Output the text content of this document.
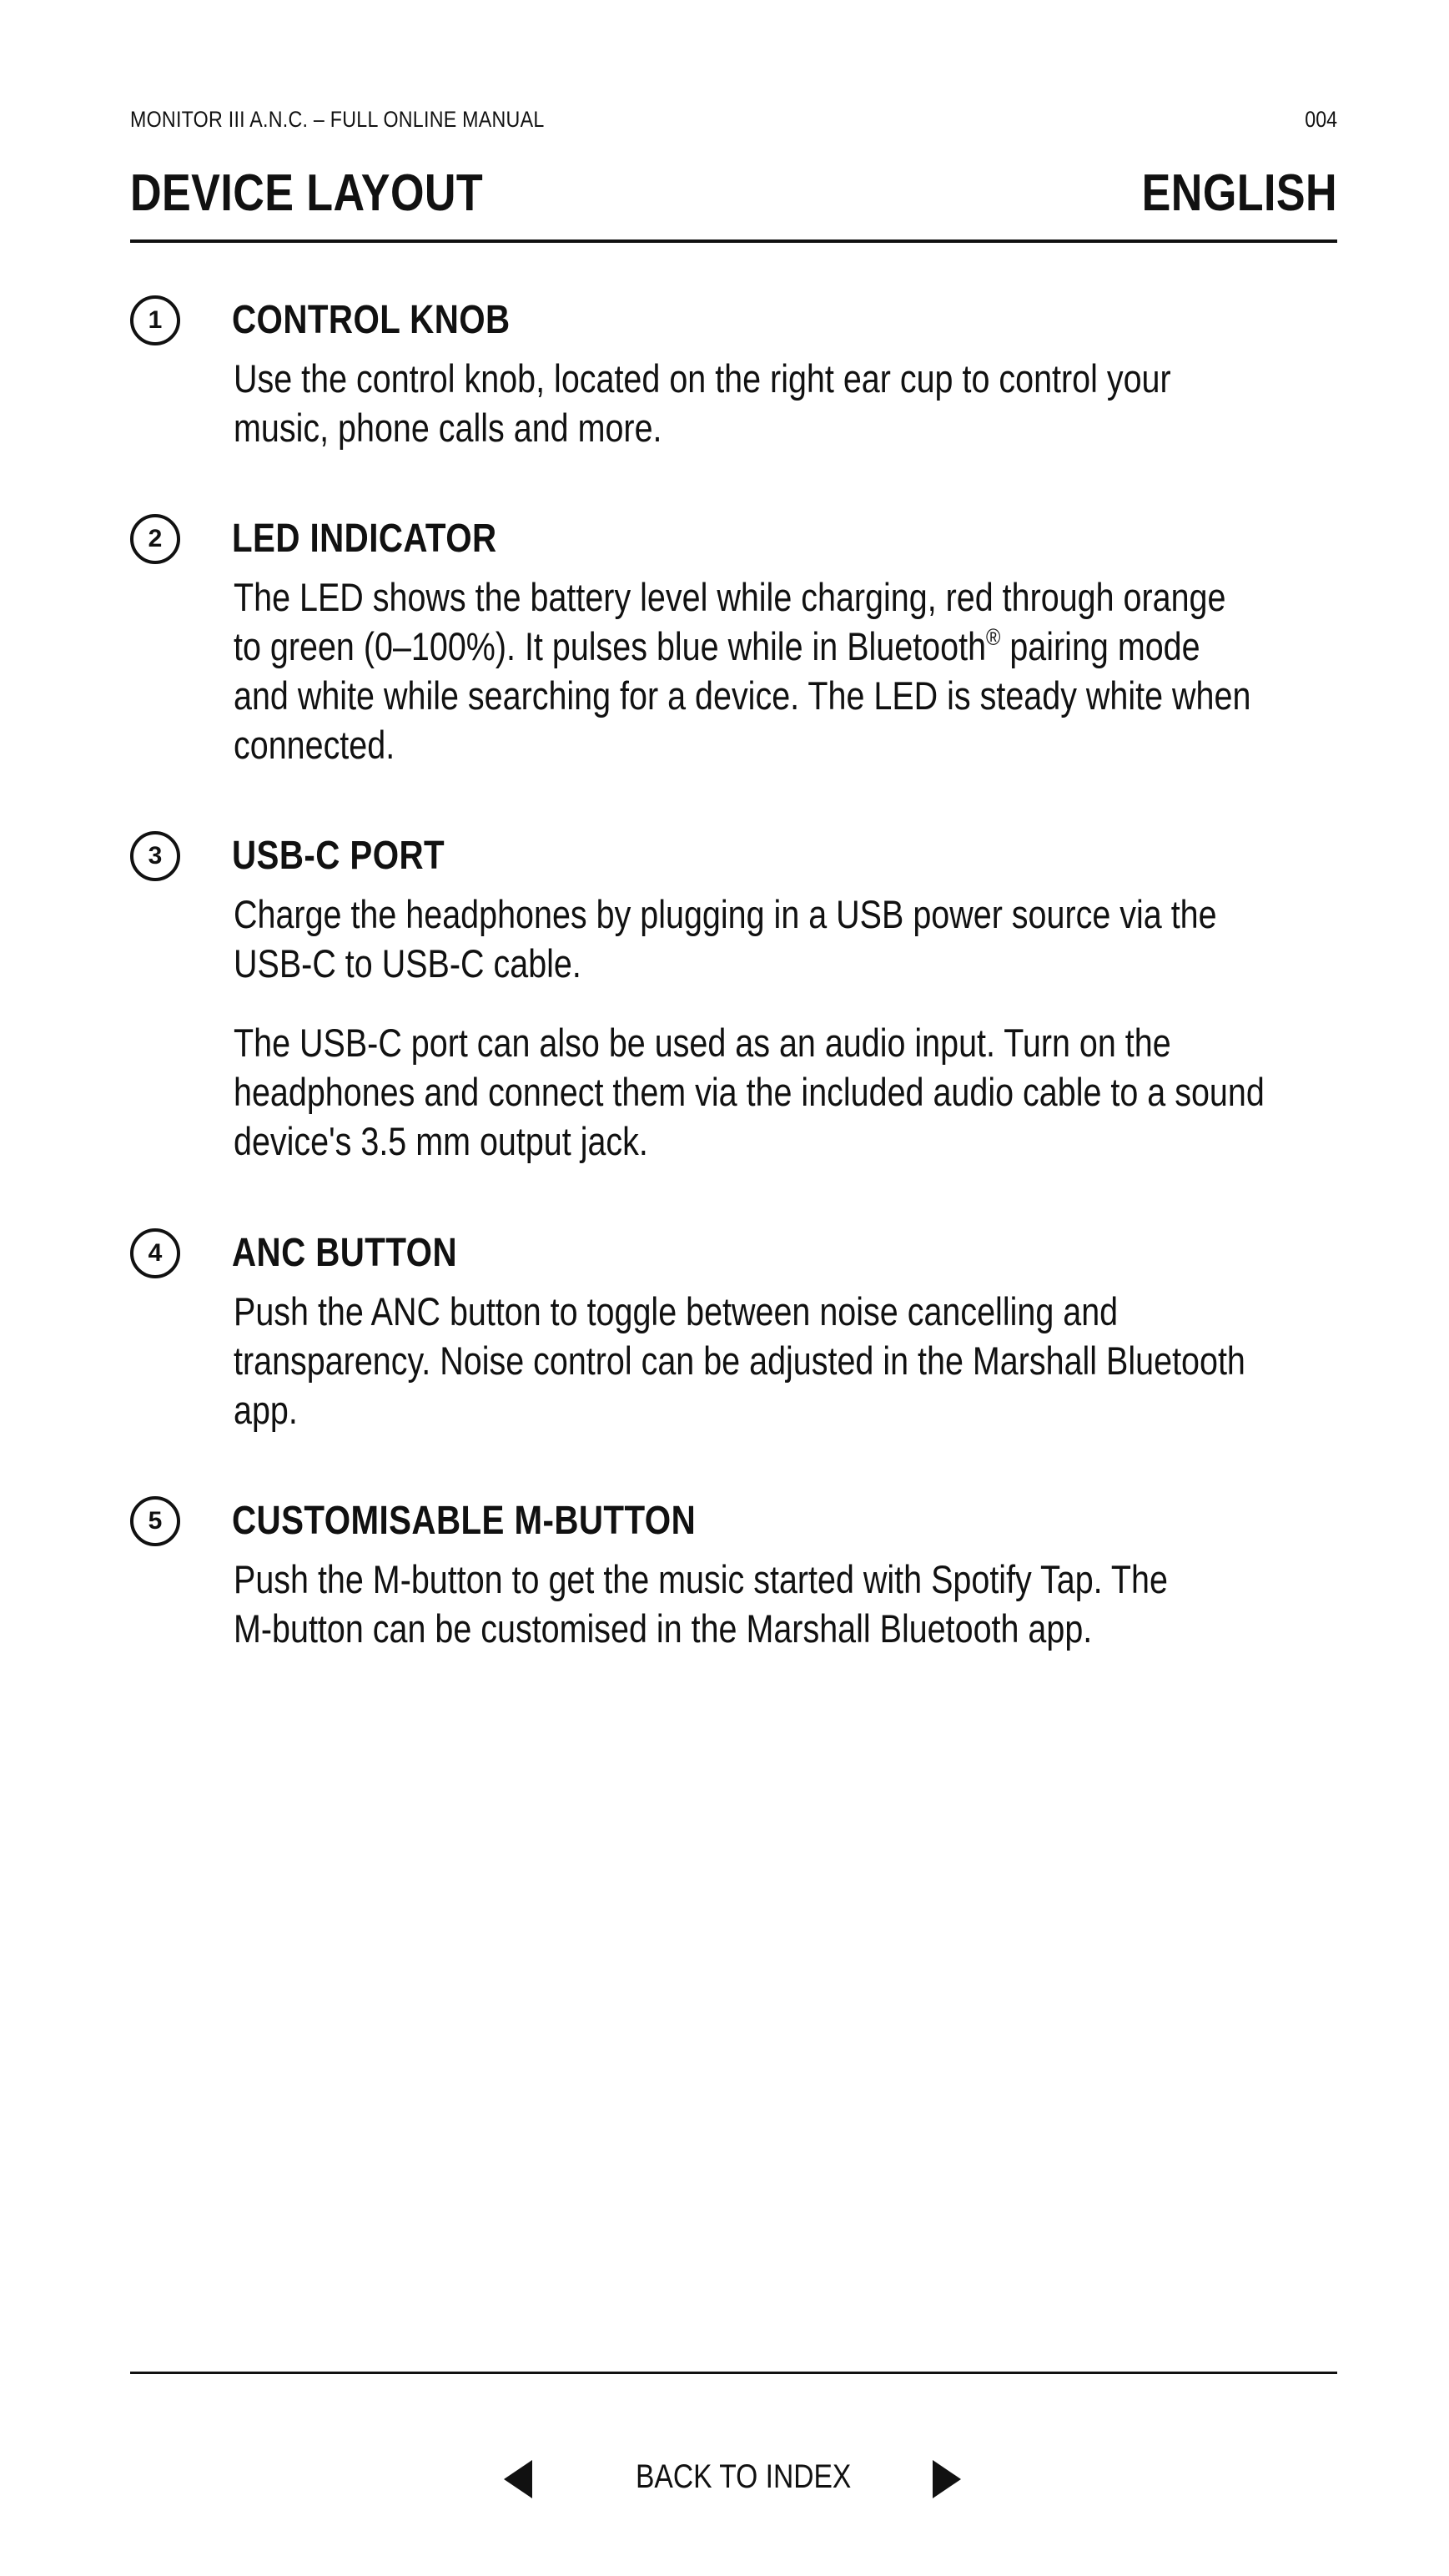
MONITOR III A.N.C. – FULL ONLINE MANUAL	004
DEVICE LAYOUT	ENGLISH
1	CONTROL KNOB

Use the control knob, located on the right ear cup to control your
music, phone calls and more.

2	LED INDICATOR

The LED shows the battery level while charging, red through orange
to green (0–100%). It pulses blue while in Bluetooth® pairing mode
and white while searching for a device. The LED is steady white when
connected.

3	USB-C PORT

Charge the headphones by plugging in a USB power source via the
USB-C to USB-C cable.

The USB-C port can also be used as an audio input. Turn on the
headphones and connect them via the included audio cable to a sound
device's 3.5 mm output jack.

4	ANC BUTTON

Push the ANC button to toggle between noise cancelling and
transparency. Noise control can be adjusted in the Marshall Bluetooth
app.

5	CUSTOMISABLE M-BUTTON

Push the M-button to get the music started with Spotify Tap. The
M-button can be customised in the Marshall Bluetooth app.

BACK TO INDEX
